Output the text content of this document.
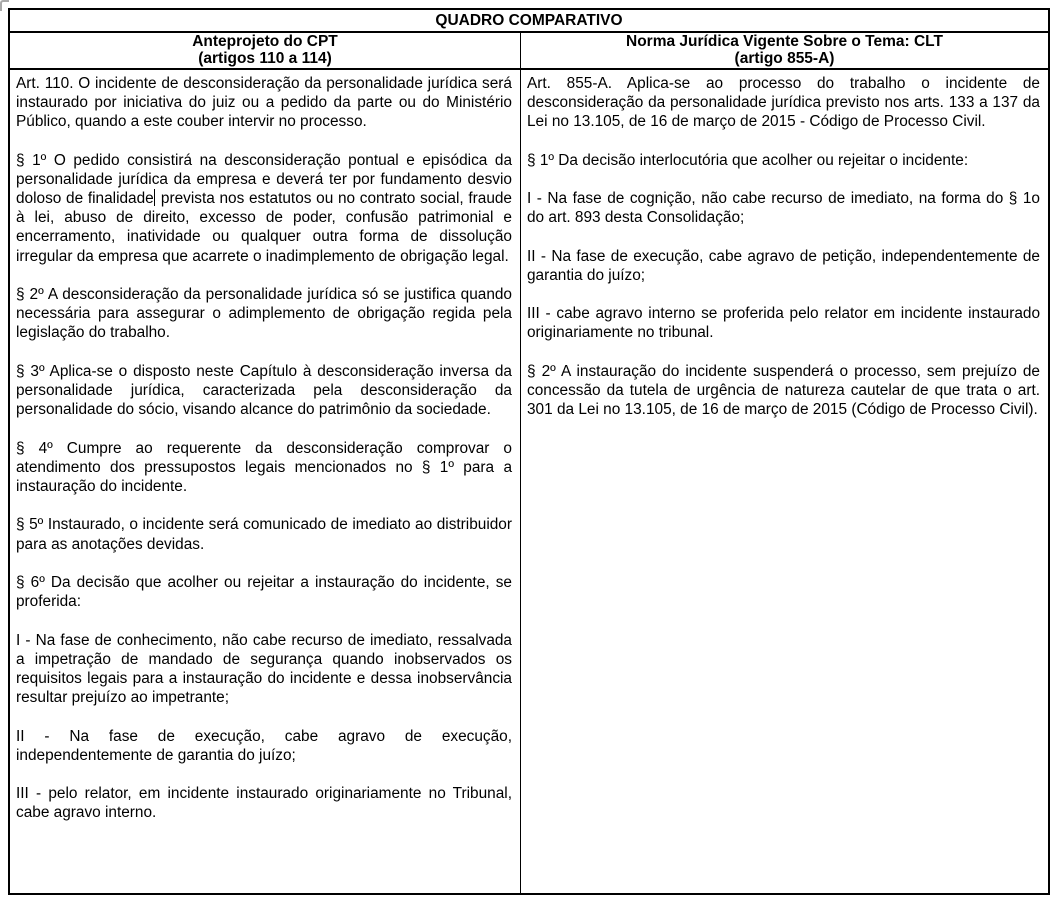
QUADRO COMPARATIVO
Anteprojeto do CPT
(artigos 110 a 114)
Norma Jurídica Vigente Sobre o Tema: CLT
(artigo 855-A)

Art. 110. O incidente de desconsideração da personalidade jurídica será instaurado por iniciativa do juiz ou a pedido da parte ou do Ministério Público, quando a este couber intervir no processo.

§ 1º O pedido consistirá na desconsideração pontual e episódica da personalidade jurídica da empresa e deverá ter por fundamento desvio doloso de finalidade prevista nos estatutos ou no contrato social, fraude à lei, abuso de direito, excesso de poder, confusão patrimonial e encerramento, inatividade ou qualquer outra forma de dissolução irregular da empresa que acarrete o inadimplemento de obrigação legal.

§ 2º A desconsideração da personalidade jurídica só se justifica quando necessária para assegurar o adimplemento de obrigação regida pela legislação do trabalho.

§ 3º Aplica-se o disposto neste Capítulo à desconsideração inversa da personalidade jurídica, caracterizada pela desconsideração da personalidade do sócio, visando alcance do patrimônio da sociedade.

§ 4º Cumpre ao requerente da desconsideração comprovar o atendimento dos pressupostos legais mencionados no § 1º para a instauração do incidente.

§ 5º Instaurado, o incidente será comunicado de imediato ao distribuidor para as anotações devidas.

§ 6º Da decisão que acolher ou rejeitar a instauração do incidente, se proferida:

I - Na fase de conhecimento, não cabe recurso de imediato, ressalvada a impetração de mandado de segurança quando inobservados os requisitos legais para a instauração do incidente e dessa inobservância resultar prejuízo ao impetrante;

II - Na fase de execução, cabe agravo de execução, independentemente de garantia do juízo;

III - pelo relator, em incidente instaurado originariamente no Tribunal, cabe agravo interno.

Art. 855-A. Aplica-se ao processo do trabalho o incidente de desconsideração da personalidade jurídica previsto nos arts. 133 a 137 da Lei no 13.105, de 16 de março de 2015 - Código de Processo Civil.

§ 1º Da decisão interlocutória que acolher ou rejeitar o incidente:

I - Na fase de cognição, não cabe recurso de imediato, na forma do § 1o do art. 893 desta Consolidação;

II - Na fase de execução, cabe agravo de petição, independentemente de garantia do juízo;

III - cabe agravo interno se proferida pelo relator em incidente instaurado originariamente no tribunal.

§ 2º A instauração do incidente suspenderá o processo, sem prejuízo de concessão da tutela de urgência de natureza cautelar de que trata o art. 301 da Lei no 13.105, de 16 de março de 2015 (Código de Processo Civil).
